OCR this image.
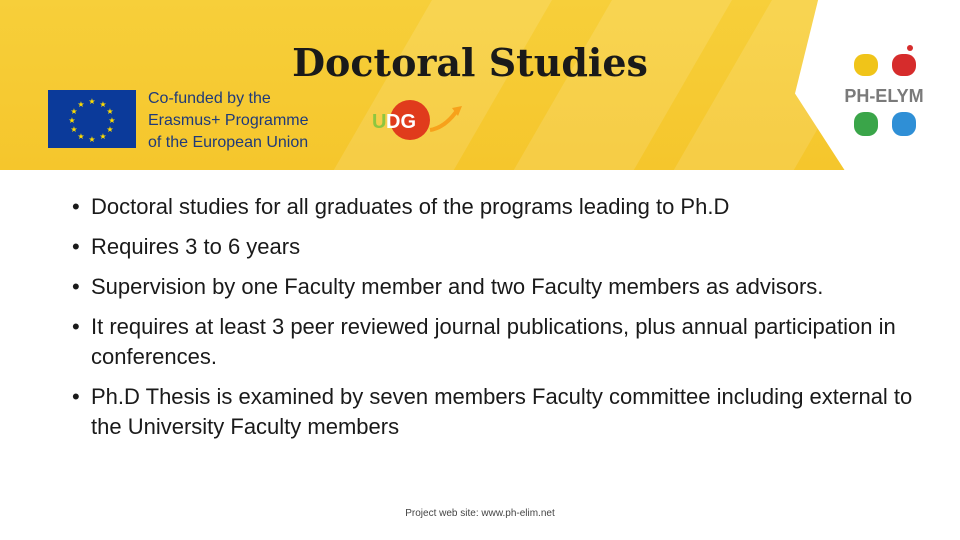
Doctoral Studies
★ ★
★
★
★
★
★
★
★
★
★
★	Co-funded by the
Erasmus+ Programme
of the European Union
U DG
PH-ELYM
• Doctoral studies for all graduates of the programs leading to Ph.D
• Requires 3 to 6 years
• Supervision by one Faculty member and two Faculty members as advisors.
• It requires at least 3 peer reviewed journal publications, plus annual participation in conferences.
• Ph.D Thesis is examined by seven members Faculty committee including external to the University Faculty members
Project web site: www.ph-elim.net
